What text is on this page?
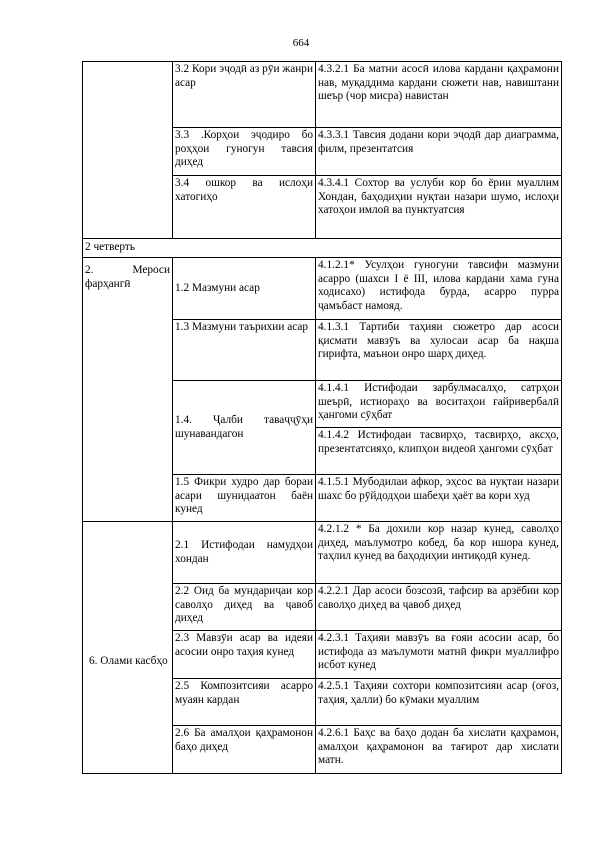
664
	3.2 Кори эҷодӣ аз рӯи жанри асар	4.3.2.1 Ба матни асосӣ илова кардани қаҳрамони нав, муқаддима кардани сюжети нав, навиштани шеър (чор мисра) навистан
	3.3 .Корҳои эҷодиро бо роҳҳои гуногун тавсия диҳед	4.3.3.1 Тавсия додани кори эҷодӣ дар диаграмма, филм, презентатсия
	3.4 ошкор ва ислоҳи хатогиҳо	4.3.4.1 Сохтор ва услуби кор бо ёрии муаллим Хондан, баҳодиҳии нуқтаи назари шумо, ислоҳи хатоҳои имлоӣ ва пунктуатсия
2 четверть		
2. Мероси фарҳангӣ	1.2 Мазмуни асар	4.1.2.1* Усулҳои гуногуни тавсифи мазмуни асарро (шахси I ё III, илова кардани хама гуна ходисахо) истифода бурда, асарро пурра ҷамъбаст намояд.
	1.3 Мазмуни таърихии асар	4.1.3.1 Тартиби таҳияи сюжетро дар асоси қисмати мавзӯъ ва хулосаи асар ба нақша гирифта, маънои онро шарҳ диҳед.
	1.4. Ҷалби таваҷҷӯҳи шунавандагон	4.1.4.1 Истифодаи зарбулмасалҳо, сатрҳои шеърӣ, истиораҳо ва воситаҳои ғайривербалӣ ҳангоми сӯҳбат
		4.1.4.2 Истифодаи тасвирҳо, тасвирҳо, аксҳо, презентатсияҳо, клипҳои видеоӣ ҳангоми сӯҳбат
	1.5 Фикри худро дар бораи асари шунидаатон баён кунед	4.1.5.1 Мубодилаи афкор, эҳсос ва нуқтаи назари шахс бо рӯйдодҳои шабеҳи ҳаёт ва кори худ
6. Олами касбҳо	2.1 Истифодаи намудҳои хондан	4.2.1.2 * Ба дохили кор назар кунед, саволҳо диҳед, маълумотро кобед, ба кор ишора кунед, таҳлил кунед ва баҳодиҳии интиқодӣ кунед.
	2.2 Оид ба мундариҷаи кор саволҳо диҳед ва ҷавоб диҳед	4.2.2.1 Дар асоси бозсозӣ, тафсир ва арзёбии кор саволҳо диҳед ва ҷавоб диҳед
	2.3 Мавзӯи асар ва идеяи асосии онро таҳия кунед	4.2.3.1 Таҳияи мавзӯъ ва ғояи асосии асар, бо истифода аз маълумоти матнӣ фикри муаллифро исбот кунед
	2.5 Композитсияи асарро муаян кардан	4.2.5.1 Таҳияи сохтори композитсияи асар (оғоз, таҳия, ҳалли) бо кӯмаки муаллим
	2.6 Ба амалҳои қаҳрамонон баҳо диҳед	4.2.6.1 Баҳс ва баҳо додан ба хислати қаҳрамон, амалҳои қаҳрамонон ва тағирот дар хислати матн.
